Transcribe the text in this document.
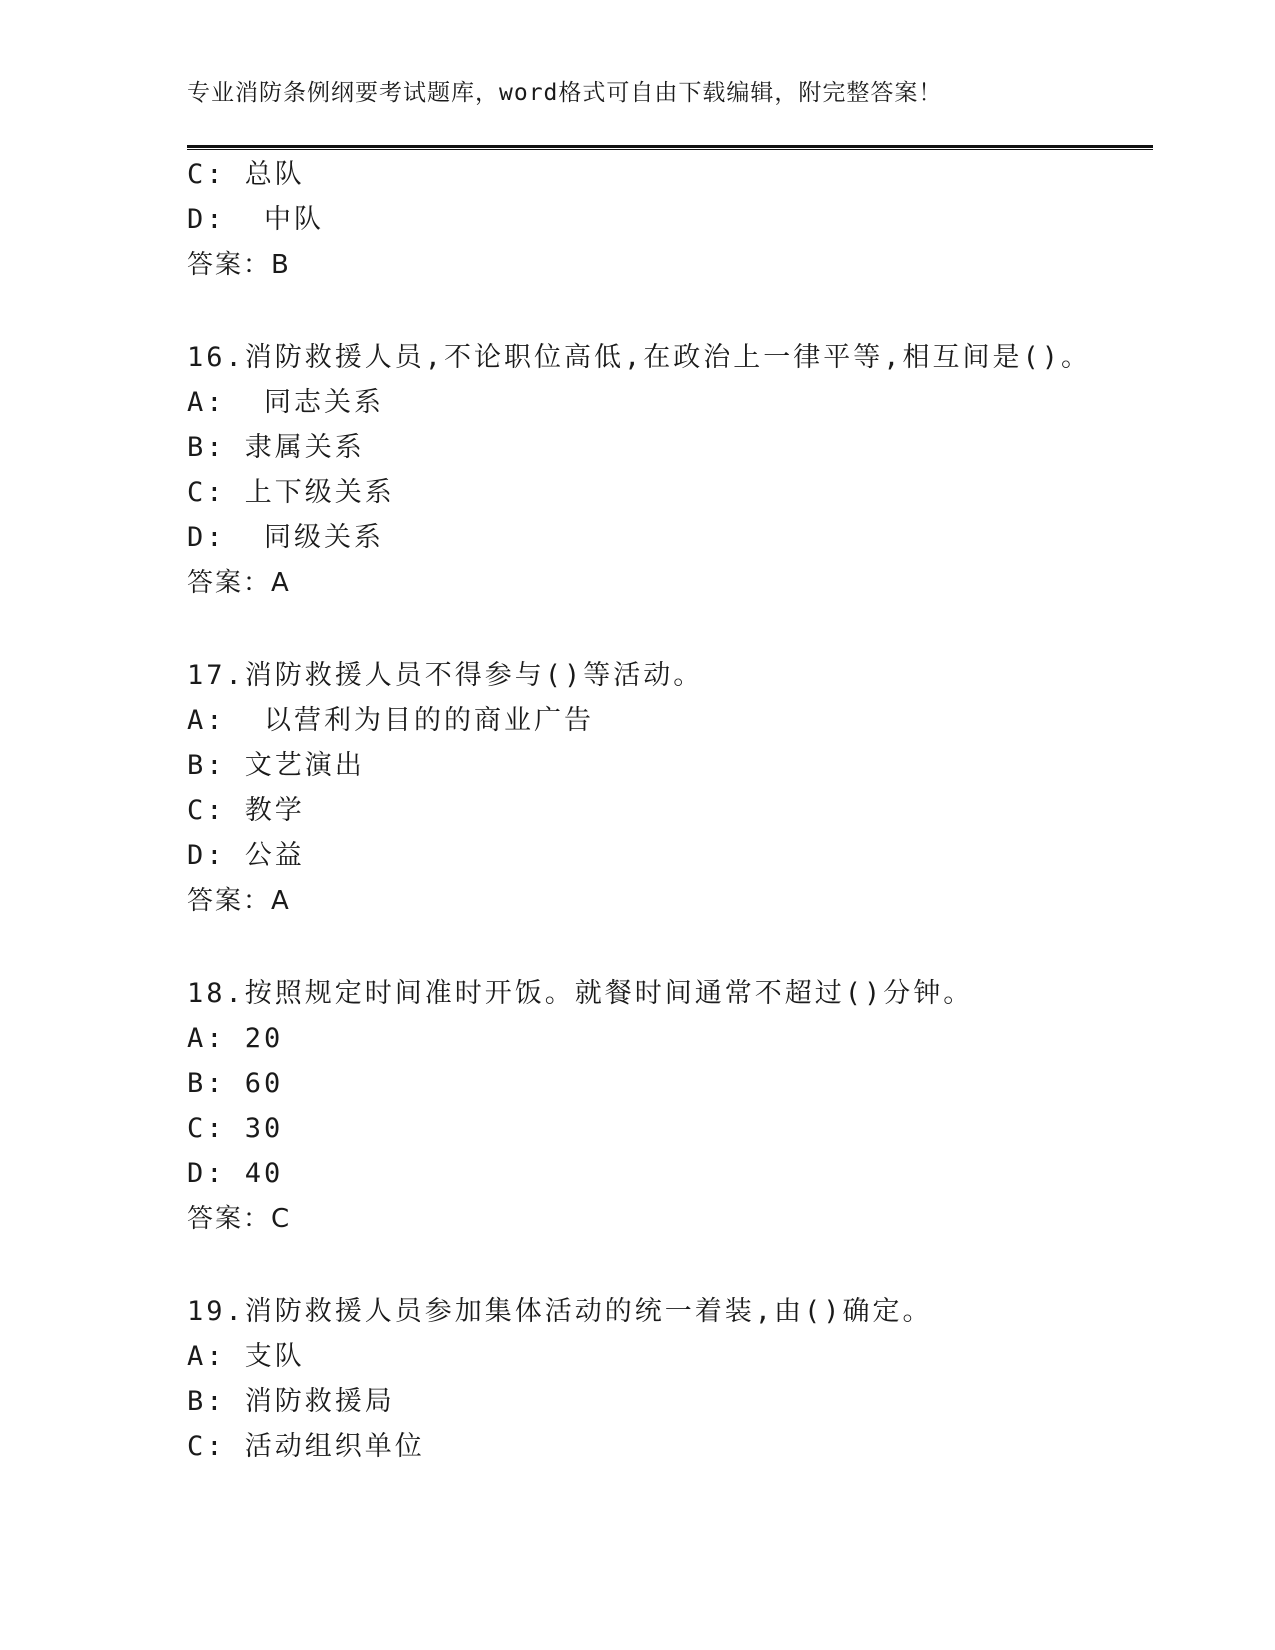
专业消防条例纲要考试题库，word格式可自由下载编辑，附完整答案！
C: 总队
D:  中队
答案：B
16.消防救援人员,不论职位高低,在政治上一律平等,相互间是()。
A:  同志关系
B: 隶属关系
C: 上下级关系
D:  同级关系
答案：A
17.消防救援人员不得参与()等活动。
A:  以营利为目的的商业广告
B: 文艺演出
C: 教学
D: 公益
答案：A
18.按照规定时间准时开饭。就餐时间通常不超过()分钟。
A: 20
B: 60
C: 30
D: 40
答案：C
19.消防救援人员参加集体活动的统一着装,由()确定。
A: 支队
B: 消防救援局
C: 活动组织单位
